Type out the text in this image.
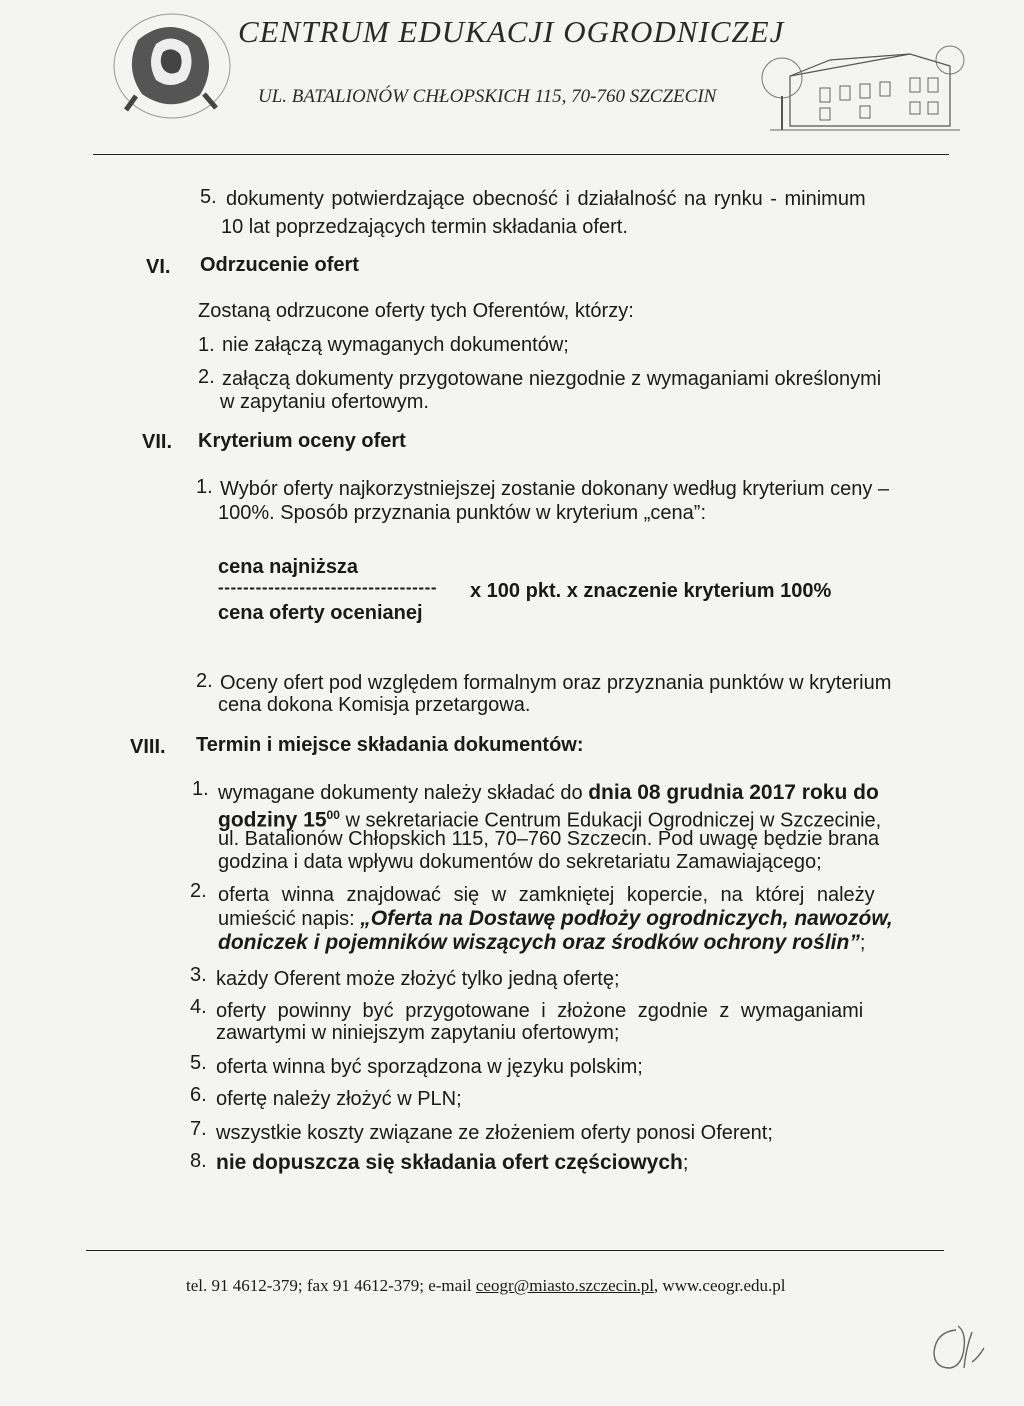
CENTRUM EDUKACJI OGRODNICZEJ
UL. BATALIONÓW CHŁOPSKICH 115, 70-760 SZCZECIN
5. dokumenty potwierdzające obecność i działalność na rynku - minimum
10 lat poprzedzających termin składania ofert.
VI. Odrzucenie ofert
Zostaną odrzucone oferty tych Oferentów, którzy:
1. nie załączą wymaganych dokumentów;
2. załączą dokumenty przygotowane niezgodnie z wymaganiami określonymi
w zapytaniu ofertowym.
VII. Kryterium oceny ofert
1. Wybór oferty najkorzystniejszej zostanie dokonany według kryterium ceny –
100%. Sposób przyznania punktów w kryterium „cena”:
cena najniższa
----------------------------------- x 100 pkt. x znaczenie kryterium 100%
cena oferty ocenianej
2. Oceny ofert pod względem formalnym oraz przyznania punktów w kryterium
cena dokona Komisja przetargowa.
VIII. Termin i miejsce składania dokumentów:
1. wymagane dokumenty należy składać do dnia 08 grudnia 2017 roku do
godziny $15^{00}$ w sekretariacie Centrum Edukacji Ogrodniczej w Szczecinie,
ul. Batalionów Chłopskich 115, 70–760 Szczecin. Pod uwagę będzie brana
godzina i data wpływu dokumentów do sekretariatu Zamawiającego;
2. oferta winna znajdować się w zamkniętej kopercie, na której należy
umieścić napis: „Oferta na Dostawę podłoży ogrodniczych, nawozów,
doniczek i pojemników wiszących oraz środków ochrony roślin”;
3. każdy Oferent może złożyć tylko jedną ofertę;
4. oferty powinny być przygotowane i złożone zgodnie z wymaganiami
zawartymi w niniejszym zapytaniu ofertowym;
5. oferta winna być sporządzona w języku polskim;
6. ofertę należy złożyć w PLN;
7. wszystkie koszty związane ze złożeniem oferty ponosi Oferent;
8. nie dopuszcza się składania ofert częściowych;
tel. 91 4612-379; fax 91 4612-379; e-mail ceogr@miasto.szczecin.pl, www.ceogr.edu.pl
